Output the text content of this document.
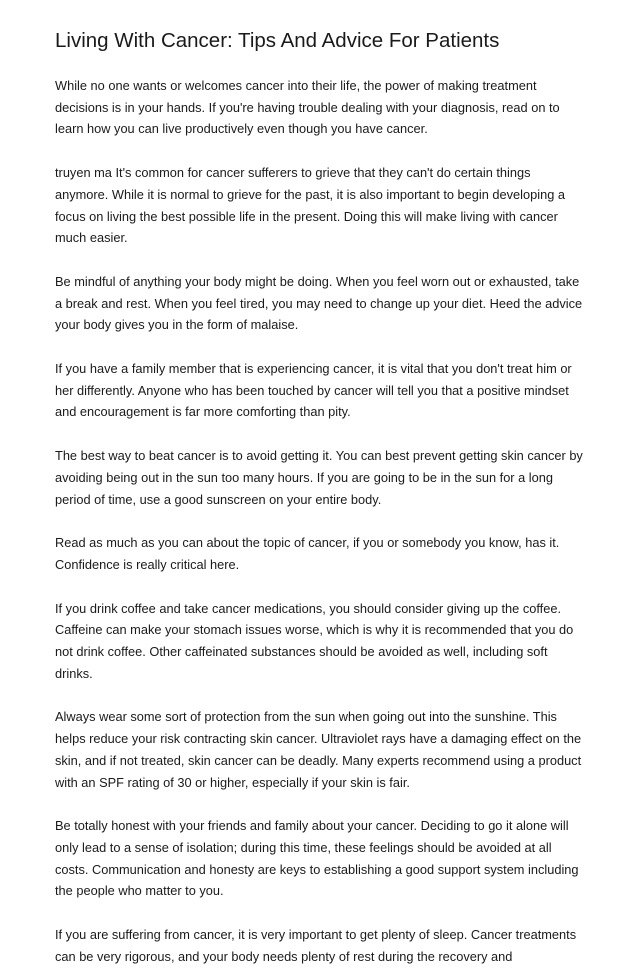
Living With Cancer: Tips And Advice For Patients

While no one wants or welcomes cancer into their life, the power of making treatment decisions is in your hands. If you're having trouble dealing with your diagnosis, read on to learn how you can live productively even though you have cancer.

truyen ma It's common for cancer sufferers to grieve that they can't do certain things anymore. While it is normal to grieve for the past, it is also important to begin developing a focus on living the best possible life in the present. Doing this will make living with cancer much easier.

Be mindful of anything your body might be doing. When you feel worn out or exhausted, take a break and rest. When you feel tired, you may need to change up your diet. Heed the advice your body gives you in the form of malaise.

If you have a family member that is experiencing cancer, it is vital that you don't treat him or her differently. Anyone who has been touched by cancer will tell you that a positive mindset and encouragement is far more comforting than pity.

The best way to beat cancer is to avoid getting it. You can best prevent getting skin cancer by avoiding being out in the sun too many hours. If you are going to be in the sun for a long period of time, use a good sunscreen on your entire body.

Read as much as you can about the topic of cancer, if you or somebody you know, has it. Confidence is really critical here.

If you drink coffee and take cancer medications, you should consider giving up the coffee. Caffeine can make your stomach issues worse, which is why it is recommended that you do not drink coffee. Other caffeinated substances should be avoided as well, including soft drinks.

Always wear some sort of protection from the sun when going out into the sunshine. This helps reduce your risk contracting skin cancer. Ultraviolet rays have a damaging effect on the skin, and if not treated, skin cancer can be deadly. Many experts recommend using a product with an SPF rating of 30 or higher, especially if your skin is fair.

Be totally honest with your friends and family about your cancer. Deciding to go it alone will only lead to a sense of isolation; during this time, these feelings should be avoided at all costs. Communication and honesty are keys to establishing a good support system including the people who matter to you.

If you are suffering from cancer, it is very important to get plenty of sleep. Cancer treatments can be very rigorous, and your body needs plenty of rest during the recovery and
